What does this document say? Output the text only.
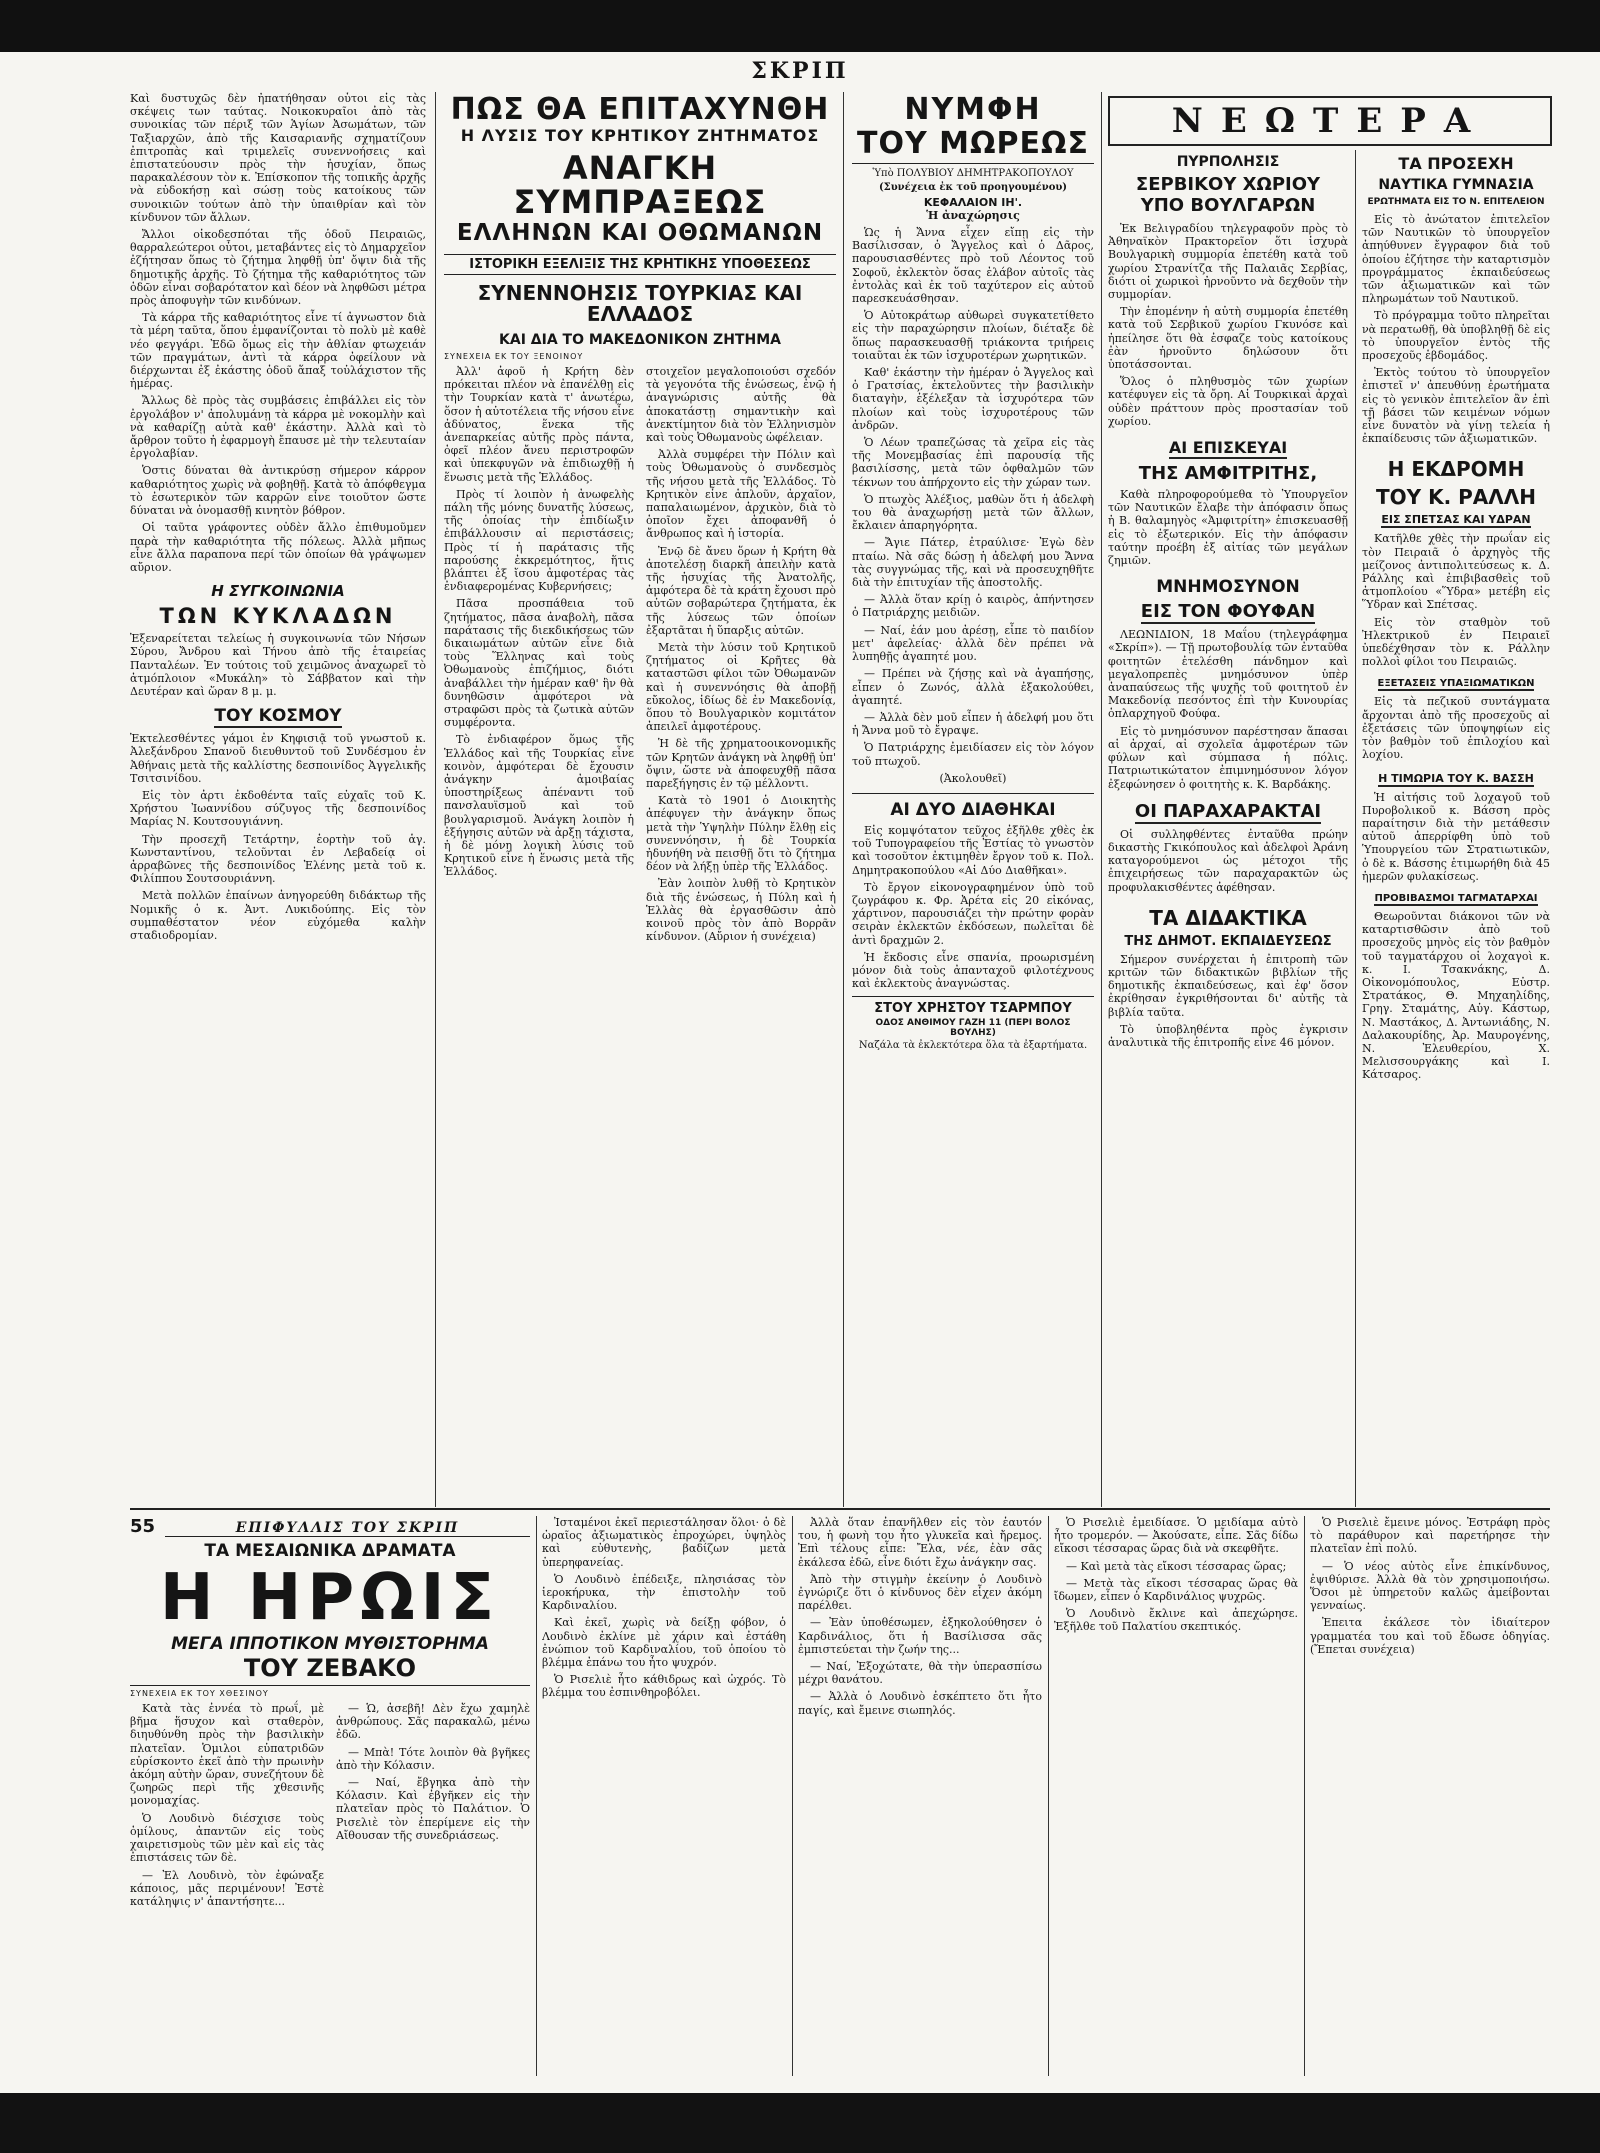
ΣΚΡΙΠ

Καὶ δυστυχῶς δὲν ἠπατήθησαν οὗτοι εἰς τὰς σκέψεις των ταύτας. Νοικοκυραῖοι ἀπὸ τὰς συνοικίας τῶν πέριξ τῶν Ἁγίων Ἀσωμάτων, τῶν Ταξιαρχῶν, ἀπὸ τῆς Καισαριανῆς σχηματίζουν ἐπιτροπὰς καὶ τριμελεῖς συνεννοήσεις καὶ ἐπιστατεύουσιν πρὸς τὴν ἡσυχίαν, ὅπως παρακαλέσουν τὸν κ. Ἐπίσκοπον τῆς τοπικῆς ἀρχῆς νὰ εὐδοκήσῃ καὶ σώσῃ τοὺς κατοίκους τῶν συνοικιῶν τούτων ἀπὸ τὴν ὑπαιθρίαν καὶ τὸν κίνδυνον τῶν ἄλλων.

Ἄλλοι οἰκοδεσπόται τῆς ὁδοῦ Πειραιῶς, θαρραλεώτεροι οὗτοι, μεταβάντες εἰς τὸ Δημαρχεῖον ἐζήτησαν ὅπως τὸ ζήτημα ληφθῇ ὑπ' ὄψιν διὰ τῆς δημοτικῆς ἀρχῆς. Τὸ ζήτημα τῆς καθαριότητος τῶν ὁδῶν εἶναι σοβαρότατον καὶ δέον νὰ ληφθῶσι μέτρα πρὸς ἀποφυγὴν τῶν κινδύνων.

Τὰ κάρρα τῆς καθαριότητος εἶνε τί ἀγνωστον διὰ τὰ μέρη ταῦτα, ὅπου ἐμφανίζονται τὸ πολὺ μὲ καθὲ νέο φεγγάρι. Ἐδῶ ὅμως εἰς τὴν ἀθλίαν φτωχειάν τῶν πραγμάτων, ἀντὶ τὰ κάρρα ὀφείλουν νὰ διέρχωνται ἐξ ἐκάστης ὁδοῦ ἅπαξ τοὐλάχιστον τῆς ἡμέρας.

Ἄλλως δὲ πρὸς τὰς συμβάσεις ἐπιβάλλει εἰς τὸν ἐργολάβον ν' ἀπολυμάνῃ τὰ κάρρα μὲ νοκομλὴν καὶ νὰ καθαρίζῃ αὐτὰ καθ' ἑκάστην. Ἀλλὰ καὶ τὸ ἄρθρον τοῦτο ἡ ἐφαρμογὴ ἔπαυσε μὲ τὴν τελευταίαν ἐργολαβίαν.

Ὁστις δύναται θὰ ἀντικρύσῃ σήμερον κάρρον καθαριότητος χωρὶς νὰ φοβηθῇ. Κατὰ τὸ ἀπόφθεγμα τὸ ἐσωτερικὸν τῶν καρρῶν εἶνε τοιοῦτον ὥστε δύναται νὰ ὀνομασθῇ κινητὸν βόθρον.

Οἱ ταῦτα γράφοντες οὐδὲν ἄλλο ἐπιθυμοῦμεν παρὰ τὴν καθαριότητα τῆς πόλεως. Ἀλλὰ μῆπως εἶνε ἄλλα παραπονα περί τῶν ὁποίων θὰ γράψωμεν αὔριον.

Η ΣΥΓΚΟΙΝΩΝΙΑ
ΤΩΝ ΚΥΚΛΑΔΩΝ

Ἐξεναρείτεται τελείως ἡ συγκοινωνία τῶν Νήσων Σύρου, Ἄνδρου καὶ Τήνου ἀπὸ τῆς ἑταιρείας Πανταλέων. Ἐν τούτοις τοῦ χειμῶνος ἀναχωρεῖ τὸ ἀτμόπλοιον «Μυκάλη» τὸ Σάββατον καὶ τὴν Δευτέραν καὶ ὥραν 8 μ. μ.

ΤΟΥ ΚΟΣΜΟΥ

Ἐκτελεσθέντες γάμοι ἐν Κηφισιᾷ τοῦ γνωστοῦ κ. Ἀλεξάνδρου Σπανοῦ διευθυντοῦ τοῦ Συνδέσμου ἐν Ἀθήναις μετὰ τῆς καλλίστης δεσποινίδος Ἀγγελικῆς Τσιτσινίδου.

Εἰς τὸν ἀρτι ἐκδοθέντα ταῖς εὐχαῖς τοῦ Κ. Χρήστου Ἰωαννίδου σύζυγος τῆς δεσποινίδος Μαρίας Ν. Κουτσουγιάννη.

Τὴν προσεχῆ Τετάρτην, ἑορτὴν τοῦ ἁγ. Κωνσταντίνου, τελοῦνται ἐν Λεβαδείᾳ οἱ ἀρραβῶνες τῆς δεσποινίδος Ἑλένης μετὰ τοῦ κ. Φιλίππου Σουτσουριάννη.

Μετὰ πολλῶν ἐπαίνων ἀνηγορεύθη διδάκτωρ τῆς Νομικῆς ὁ κ. Ἀντ. Λυκιδούπης. Εἰς τὸν συμπαθέστατον νέον εὐχόμεθα καλὴν σταδιοδρομίαν.

ΠΩΣ ΘΑ ΕΠΙΤΑΧΥΝΘΗ
Η ΛΥΣΙΣ ΤΟΥ ΚΡΗΤΙΚΟΥ ΖΗΤΗΜΑΤΟΣ
ΑΝΑΓΚΗ ΣΥΜΠΡΑΞΕΩΣ
ΕΛΛΗΝΩΝ ΚΑΙ ΟΘΩΜΑΝΩΝ
ΙΣΤΟΡΙΚΗ ΕΞΕΛΙΞΙΣ ΤΗΣ ΚΡΗΤΙΚΗΣ ΥΠΟΘΕΣΕΩΣ
ΣΥΝΕΝΝΟΗΣΙΣ ΤΟΥΡΚΙΑΣ ΚΑΙ ΕΛΛΑΔΟΣ
ΚΑΙ ΔΙΑ ΤΟ ΜΑΚΕΔΟΝΙΚΟΝ ΖΗΤΗΜΑ
ΣΥΝΕΧΕΙΑ ΕΚ ΤΟΥ ΞΕΝΟΙΝΟΥ

Ἀλλ' ἀφοῦ ἡ Κρήτη δὲν πρόκειται πλέον νὰ ἐπανέλθῃ εἰς τὴν Τουρκίαν κατὰ τ' ἀνωτέρω, ὅσον ἡ αὐτοτέλεια τῆς νήσου εἶνε ἀδύνατος, ἕνεκα τῆς ἀνεπαρκείας αὐτῆς πρὸς πάντα, ὁφεῖ πλέον ἄνευ περιστροφῶν καὶ ὑπεκφυγῶν νὰ ἐπιδιωχθῇ ἡ ἕνωσις μετὰ τῆς Ἑλλάδος.

Πρὸς τί λοιπὸν ἡ ἀνωφελὴς πάλη τῆς μόνης δυνατῆς λύσεως, τῆς ὁποίας τὴν ἐπιδίωξιν ἐπιβάλλουσιν αἱ περιστάσεις; Πρὸς τί ἡ παράτασις τῆς παρούσης ἐκκρεμότητος, ἥτις βλάπτει ἐξ ἴσου ἀμφοτέρας τὰς ἐνδιαφερομένας Κυβερνήσεις;

Πᾶσα προσπάθεια τοῦ ζητήματος, πᾶσα ἀναβολὴ, πᾶσα παράτασις τῆς διεκδικήσεως τῶν δικαιωμάτων αὐτῶν εἶνε διὰ τοὺς Ἕλληνας καὶ τοὺς Ὀθωμανοὺς ἐπιζήμιος, διότι ἀναβάλλει τὴν ἡμέραν καθ' ἣν θὰ δυνηθῶσιν ἀμφότεροι νὰ στραφῶσι πρὸς τὰ ζωτικὰ αὐτῶν συμφέροντα.

Τὸ ἐνδιαφέρον ὅμως τῆς Ἑλλάδος καὶ τῆς Τουρκίας εἶνε κοινὸν, ἀμφότεραι δὲ ἔχουσιν ἀνάγκην ἀμοιβαίας ὑποστηρίξεως ἀπέναντι τοῦ πανσλαυϊσμοῦ καὶ τοῦ βουλγαρισμοῦ. Ἀνάγκη λοιπὸν ἡ ἐξήγησις αὐτῶν νὰ ἀρξῃ τάχιστα, ἡ δὲ μόνη λογικὴ λύσις τοῦ Κρητικοῦ εἶνε ἡ ἕνωσις μετὰ τῆς Ἑλλάδος.

στοιχεῖον μεγαλοποιούσι σχεδόν τὰ γεγονότα τῆς ἑνώσεως, ἐνῷ ἡ ἀναγνώρισις αὐτῆς θὰ ἀποκατάστῃ σημαντικὴν καὶ ἀνεκτίμητον διὰ τὸν Ἑλληνισμὸν καὶ τοὺς Ὀθωμανοὺς ὠφέλειαν.

Ἀλλὰ συμφέρει τὴν Πόλιν καὶ τοὺς Ὀθωμανοὺς ὁ συνδεσμὸς τῆς νήσου μετὰ τῆς Ἑλλάδος. Τὸ Κρητικὸν εἶνε ἁπλοῦν, ἀρχαῖον, παπαλαιωμένον, ἀρχικὸν, διὰ τὸ ὁποῖον ἔχει ἀποφανθῆ ὁ ἄνθρωπος καὶ ἡ ἱστορία.

Ἐνῷ δὲ ἄνευ ὅρων ἡ Κρήτη θὰ ἀποτελέσῃ διαρκῆ ἀπειλὴν κατὰ τῆς ἡσυχίας τῆς Ἀνατολῆς, ἀμφότερα δὲ τὰ κράτη ἔχουσι πρὸ αὐτῶν σοβαρώτερα ζητήματα, ἐκ τῆς λύσεως τῶν ὁποίων ἐξαρτᾶται ἡ ὕπαρξις αὐτῶν.

Μετὰ τὴν λύσιν τοῦ Κρητικοῦ ζητήματος οἱ Κρῆτες θὰ καταστῶσι φίλοι τῶν Ὀθωμανῶν καὶ ἡ συνεννόησις θὰ ἀποβῇ εὔκολος, ἰδίως δὲ ἐν Μακεδονίᾳ, ὅπου τὸ Βουλγαρικὸν κομιτάτον ἀπειλεῖ ἀμφοτέρους.

Ἡ δὲ τῆς χρηματοοικονομικῆς τῶν Κρητῶν ἀνάγκη νὰ ληφθῇ ὑπ' ὄψιν, ὥστε νὰ ἀποφευχθῇ πᾶσα παρεξήγησις ἐν τῷ μέλλοντι.

Κατὰ τὸ 1901 ὁ Διοικητὴς ἀπέφυγεν τὴν ἀνάγκην ὅπως μετὰ τὴν Ὑψηλὴν Πύλην ἔλθῃ εἰς συνεννόησιν, ἡ δὲ Τουρκία ἠδυνήθη νὰ πεισθῇ ὅτι τὸ ζήτημα δέον νὰ λήξῃ ὑπὲρ τῆς Ἑλλάδος.

Ἐὰν λοιπὸν λυθῇ τὸ Κρητικὸν διὰ τῆς ἑνώσεως, ἡ Πύλη καὶ ἡ Ἑλλὰς θὰ ἐργασθῶσιν ἀπὸ κοινοῦ πρὸς τὸν ἀπὸ Βορρᾶν κίνδυνον. (Αὔριον ἡ συνέχεια)

ΝΥΜΦΗ
ΤΟΥ ΜΩΡΕΩΣ
Ὑπὸ ΠΟΛΥΒΙΟΥ ΔΗΜΗΤΡΑΚΟΠΟΥΛΟΥ
(Συνέχεια ἐκ τοῦ προηγουμένου)
ΚΕΦΑΛΑΙΟΝ ΙΗ'.
Ἡ ἀναχώρησις

Ὡς ἡ Ἄννα εἶχεν εἴπῃ εἰς τὴν Βασίλισσαν, ὁ Ἄγγελος καὶ ὁ Δᾶρος, παρουσιασθέντες πρὸ τοῦ Λέοντος τοῦ Σοφοῦ, ἐκλεκτὸν ὅσας ἐλάβον αὐτοῖς τὰς ἐντολὰς καὶ ἐκ τοῦ ταχύτερον εἰς αὐτοῦ παρεσκευάσθησαν.

Ὁ Αὐτοκράτωρ αὐθωρεὶ συγκατετίθετο εἰς τὴν παραχώρησιν πλοίων, διέταξε δὲ ὅπως παρασκευασθῇ τριάκοντα τριήρεις τοιαῦται ἐκ τῶν ἰσχυροτέρων χωρητικῶν.

Καθ' ἑκάστην τὴν ἡμέραν ὁ Ἄγγελος καὶ ὁ Γρατσίας, ἐκτελοῦντες τὴν βασιλικὴν διαταγὴν, ἐξέλεξαν τὰ ἰσχυρότερα τῶν πλοίων καὶ τοὺς ἰσχυροτέρους τῶν ἀνδρῶν.

Ὁ Λέων τραπεζώσας τὰ χεῖρα εἰς τὰς τῆς Μονεμβασίας ἐπὶ παρουσίᾳ τῆς βασιλίσσης, μετὰ τῶν ὀφθαλμῶν τῶν τέκνων του ἀπήρχοντο εἰς τὴν χώραν των.

Ὁ πτωχὸς Ἀλέξιος, μαθὼν ὅτι ἡ ἀδελφὴ του θὰ ἀναχωρήσῃ μετὰ τῶν ἄλλων, ἔκλαιεν ἀπαρηγόρητα.

— Ἄγιε Πάτερ, ἐτραύλισε· Ἐγὼ δὲν πταίω. Νὰ σᾶς δώσῃ ἡ ἀδελφή μου Ἄννα τὰς συγγνώμας τῆς, καὶ νὰ προσευχηθῆτε διὰ τὴν ἐπιτυχίαν τῆς ἀποστολῆς.

— Ἀλλὰ ὅταν κρίῃ ὁ καιρὸς, ἀπήντησεν ὁ Πατριάρχης μειδιῶν.

— Ναί, ἐάν μου ἀρέσῃ, εἶπε τὸ παιδίον μετ' ἀφελείας· ἀλλὰ δὲν πρέπει νὰ λυπηθῇς ἀγαπητέ μου.

— Πρέπει νὰ ζήσῃς καὶ νὰ ἀγαπήσῃς, εἶπεν ὁ Ζωνός, ἀλλὰ ἐξακολούθει, ἀγαπητέ.

— Ἀλλὰ δὲν μοῦ εἶπεν ἡ ἀδελφή μου ὅτι ἡ Ἄννα μοῦ τὸ ἔγραψε.

Ὁ Πατριάρχης ἐμειδίασεν εἰς τὸν λόγον τοῦ πτωχοῦ.

(Ἀκολουθεῖ)

ΑΙ ΔΥΟ ΔΙΑΘΗΚΑΙ

Εἰς κομψότατον τεῦχος ἐξῆλθε χθὲς ἐκ τοῦ Τυπογραφείου τῆς Ἑστίας τὸ γνωστὸν καὶ τοσοῦτον ἐκτιμηθὲν ἔργον τοῦ κ. Πολ. Δημητρακοπούλου «Αἱ Δύο Διαθῆκαι».

Τὸ ἔργον εἰκονογραφημένον ὑπὸ τοῦ ζωγράφου κ. Φρ. Ἀρέτα εἰς 20 εἰκόνας, χάρτινον, παρουσιάζει τὴν πρώτην φορὰν σειρὰν ἐκλεκτῶν ἐκδόσεων, πωλεῖται δὲ ἀντὶ δραχμῶν 2.

Ἡ ἔκδοσις εἶνε σπανία, προωρισμένη μόνον διὰ τοὺς ἀπανταχοῦ φιλοτέχνους καὶ ἐκλεκτοὺς ἀναγνώστας.

ΣΤΟΥ ΧΡΗΣΤΟΥ ΤΣΑΡΜΠΟΥ
ΟΔΟΣ ΑΝΘΙΜΟΥ ΓΑΖΗ 11 (ΠΕΡΙ ΒΟΛΟΣ ΒΟΥΛΗΣ)
Ναζάλα τὰ ἐκλεκτότερα ὅλα τὰ ἐξαρτήματα.
ΝΕΩΤΕΡΑ
ΠΥΡΠΟΛΗΣΙΣ
ΣΕΡΒΙΚΟΥ ΧΩΡΙΟΥ
ΥΠΟ ΒΟΥΛΓΑΡΩΝ

Ἐκ Βελιγραδίου τηλεγραφοῦν πρὸς τὸ Ἀθηναϊκὸν Πρακτορεῖον ὅτι ἰσχυρὰ Βουλγαρικὴ συμμορία ἐπετέθη κατὰ τοῦ χωρίου Στρανίτζα τῆς Παλαιᾶς Σερβίας, διότι οἱ χωρικοὶ ἠρνοῦντο νὰ δεχθοῦν τὴν συμμορίαν.

Τὴν ἑπομένην ἡ αὐτὴ συμμορία ἐπετέθη κατὰ τοῦ Σερβικοῦ χωρίου Γκυνόσε καὶ ἠπείλησε ὅτι θὰ ἐσφαζε τοὺς κατοίκους ἐὰν ἠρνοῦντο δηλώσουν ὅτι ὑποτάσσονται.

Ὅλος ὁ πληθυσμὸς τῶν χωρίων κατέφυγεν εἰς τὰ ὄρη. Αἱ Τουρκικαὶ ἀρχαὶ οὐδὲν πράττουν πρὸς προστασίαν τοῦ χωρίου.

ΑΙ ΕΠΙΣΚΕΥΑΙ
ΤΗΣ ΑΜΦΙΤΡΙΤΗΣ,

Καθὰ πληροφορούμεθα τὸ Ὑπουργεῖον τῶν Ναυτικῶν ἔλαβε τὴν ἀπόφασιν ὅπως ἡ Β. θαλαμηγὸς «Ἀμφιτρίτη» ἐπισκευασθῇ εἰς τὸ ἐξωτερικόν. Εἰς τὴν ἀπόφασιν ταύτην προέβη ἐξ αἰτίας τῶν μεγάλων ζημιῶν.

ΜΝΗΜΟΣΥΝΟΝ
ΕΙΣ ΤΟΝ ΦΟΥΦΑΝ

ΛΕΩΝΙΔΙΟΝ, 18 Μαΐου (τηλεγράφημα «Σκρίπ»). — Τῇ πρωτοβουλίᾳ τῶν ἐνταῦθα φοιτητῶν ἐτελέσθη πάνδημον καὶ μεγαλοπρεπὲς μνημόσυνον ὑπὲρ ἀναπαύσεως τῆς ψυχῆς τοῦ φοιτητοῦ ἐν Μακεδονίᾳ πεσόντος ἐπὶ τὴν Κυνουρίας ὁπλαρχηγοῦ Φούφα.

Εἰς τὸ μνημόσυνον παρέστησαν ἅπασαι αἱ ἀρχαί, αἱ σχολεῖα ἀμφοτέρων τῶν φύλων καὶ σύμπασα ἡ πόλις. Πατριωτικώτατον ἐπιμνημόσυνον λόγον ἐξεφώνησεν ὁ φοιτητὴς κ. Κ. Βαρδάκης.

ΟΙ ΠΑΡΑΧΑΡΑΚΤΑΙ

Οἱ συλληφθέντες ἐνταῦθα πρώην δικαστὴς Γκικόπουλος καὶ ἀδελφοὶ Ἀράνη καταγορούμενοι ὡς μέτοχοι τῆς ἐπιχειρήσεως τῶν παραχαρακτῶν ὡς προφυλακισθέντες ἀφέθησαν.

ΤΑ ΔΙΔΑΚΤΙΚΑ
ΤΗΣ ΔΗΜΟΤ. ΕΚΠΑΙΔΕΥΣΕΩΣ

Σήμερον συνέρχεται ἡ ἐπιτροπὴ τῶν κριτῶν τῶν διδακτικῶν βιβλίων τῆς δημοτικῆς ἐκπαιδεύσεως, καὶ ἐφ' ὅσον ἐκρίθησαν ἐγκριθήσονται δι' αὐτῆς τὰ βιβλία ταῦτα.

Τὸ ὑποβληθέντα πρὸς ἐγκρισιν ἀναλυτικὰ τῆς ἐπιτροπῆς εἶνε 46 μόνον.

ΤΑ ΠΡΟΣΕΧΗ
ΝΑΥΤΙΚΑ ΓΥΜΝΑΣΙΑ
ΕΡΩΤΗΜΑΤΑ ΕΙΣ ΤΟ Ν. ΕΠΙΤΕΛΕΙΟΝ

Εἰς τὸ ἀνώτατον ἐπιτελεῖον τῶν Ναυτικῶν τὸ ὑπουργεῖον ἀπηύθυνεν ἔγγραφον διὰ τοῦ ὁποίου ἐζήτησε τὴν καταρτισμὸν προγράμματος ἐκπαιδεύσεως τῶν ἀξιωματικῶν καὶ τῶν πληρωμάτων τοῦ Ναυτικοῦ.

Τὸ πρόγραμμα τοῦτο πληρεῖται νὰ περατωθῇ, θὰ ὑποβληθῇ δὲ εἰς τὸ ὑπουργεῖον ἐντὸς τῆς προσεχοῦς ἑβδομάδος.

Ἐκτὸς τούτου τὸ ὑπουργεῖον ἐπιστεῖ ν' ἀπευθύνῃ ἐρωτήματα εἰς τὸ γενικὸν ἐπιτελεῖον ἂν ἐπὶ τῇ βάσει τῶν κειμένων νόμων εἶνε δυνατὸν νὰ γίνῃ τελεία ἡ ἐκπαίδευσις τῶν ἀξιωματικῶν.

Η ΕΚΔΡΟΜΗ
ΤΟΥ Κ. ΡΑΛΛΗ
ΕΙΣ ΣΠΕΤΣΑΣ ΚΑΙ ΥΔΡΑΝ

Κατῆλθε χθὲς τὴν πρωΐαν εἰς τὸν Πειραιᾶ ὁ ἀρχηγὸς τῆς μείζονος ἀντιπολιτεύσεως κ. Δ. Ράλλης καὶ ἐπιβιβασθεὶς τοῦ ἀτμοπλοίου «Ὕδρα» μετέβη εἰς Ὕδραν καὶ Σπέτσας.

Εἰς τὸν σταθμὸν τοῦ Ἠλεκτρικοῦ ἐν Πειραιεῖ ὑπεδέχθησαν τὸν κ. Ράλλην πολλοὶ φίλοι του Πειραιῶς.

ΕΞΕΤΑΣΕΙΣ ΥΠΑΞΙΩΜΑΤΙΚΩΝ

Εἰς τὰ πεζικοῦ συντάγματα ἄρχονται ἀπὸ τῆς προσεχοῦς αἱ ἐξετάσεις τῶν ὑποψηφίων εἰς τὸν βαθμὸν τοῦ ἐπιλοχίου καὶ λοχίου.

Η ΤΙΜΩΡΙΑ ΤΟΥ Κ. ΒΑΣΣΗ

Ἡ αἰτήσις τοῦ λοχαγοῦ τοῦ Πυροβολικοῦ κ. Βάσση πρὸς παραίτησιν διὰ τὴν μετάθεσιν αὐτοῦ ἀπερρίφθη ὑπὸ τοῦ Ὑπουργείου τῶν Στρατιωτικῶν, ὁ δὲ κ. Βάσσης ἐτιμωρήθη διὰ 45 ἡμερῶν φυλακίσεως.

ΠΡΟΒΙΒΑΣΜΟΙ ΤΑΓΜΑΤΑΡΧΑΙ

Θεωροῦνται διάκονοι τῶν νὰ καταρτισθῶσιν ἀπὸ τοῦ προσεχοῦς μηνὸς εἰς τὸν βαθμὸν τοῦ ταγματάρχου οἱ λοχαγοὶ κ. κ. Ι. Τσακνάκης, Δ. Οἰκονομόπουλος, Εὐστρ. Στρατάκος, Θ. Μηχαηλίδης, Γρηγ. Σταμάτης, Αὐγ. Κάστωρ, Ν. Μαστάκος, Δ. Ἀντωνιάδης, Ν. Δαλακουρίδης, Ἀρ. Μαυρογένης, Ν. Ἐλευθερίου, Χ. Μελισσουργάκης καὶ Ι. Κάτσαρος.

55	ΕΠΙΦΥΛΛΙΣ ΤΟΥ ΣΚΡΙΠ
ΤΑ ΜΕΣΑΙΩΝΙΚΑ ΔΡΑΜΑΤΑ
Η ΗΡΩΙΣ
ΜΕΓΑ ΙΠΠΟΤΙΚΟΝ ΜΥΘΙΣΤΟΡΗΜΑ
ΤΟΥ ΖΕΒΑΚΟ
ΣΥΝΕΧΕΙΑ ΕΚ ΤΟΥ ΧΘΕΣΙΝΟΥ

Κατὰ τὰς ἐννέα τὸ πρωΐ, μὲ βῆμα ἥσυχον καὶ σταθερὸν, διηυθύνθη πρὸς τὴν βασιλικὴν πλατεῖαν. Ὁμιλοι εὐπατριδῶν εὐρίσκοντο ἐκεῖ ἀπὸ τὴν πρωινὴν ἀκόμη αὐτὴν ὥραν, συνεζήτουν δὲ ζωηρῶς περὶ τῆς χθεσινῆς μονομαχίας.

Ὁ Λουδινὸ διέσχισε τοὺς ὁμίλους, ἀπαντῶν εἰς τοὺς χαιρετισμοὺς τῶν μὲν καὶ εἰς τὰς ἐπιστάσεις τῶν δὲ.

— Ἐλ Λουδινὸ, τὸν ἐφώναξε κάποιος, μᾶς περιμένουν! Ἐστὲ κατάληψις ν' ἀπαντήσητε...

— Ὡ, ἀσεβῆ! Δὲν ἔχω χαμηλὲ ἀνθρώπους. Σᾶς παρακαλῶ, μένω ἐδῶ.

— Μπὰ! Τότε λοιπὸν θὰ βγῆκες ἀπὸ τὴν Κόλασιν.

— Ναί, ἔβγηκα ἀπὸ τὴν Κόλασιν. Καὶ ἐβγῆκεν εἰς τὴν πλατεῖαν πρὸς τὸ Παλάτιον. Ὁ Ρισελιὲ τὸν ἐπερίμενε εἰς τὴν Αἴθουσαν τῆς συνεδριάσεως.

Ἰσταμένοι ἐκεῖ περιεστάλησαν ὅλοι· ὁ δὲ ὡραῖος ἀξιωματικὸς ἐπροχώρει, ὑψηλὸς καὶ εὐθυτενὴς, βαδίζων μετὰ ὑπερηφανείας.

Ὁ Λουδινὸ ἐπέδειξε, πλησιάσας τὸν ἱεροκήρυκα, τὴν ἐπιστολὴν τοῦ Καρδιναλίου.

Καὶ ἐκεῖ, χωρὶς νὰ δείξῃ φόβον, ὁ Λουδινὸ ἐκλίνε μὲ χάριν καὶ ἐστάθη ἐνώπιον τοῦ Καρδιναλίου, τοῦ ὁποίου τὸ βλέμμα ἐπάνω του ἦτο ψυχρόν.

Ὁ Ρισελιὲ ἦτο κάθιδρως καὶ ὠχρός. Τὸ βλέμμα του ἐσπινθηροβόλει.

Ἀλλὰ ὅταν ἐπανῆλθεν εἰς τὸν ἑαυτόν του, ἡ φωνὴ του ἦτο γλυκεῖα καὶ ἤρεμος. Ἐπὶ τέλους εἶπε: Ἔλα, νέε, ἐὰν σᾶς ἐκάλεσα ἐδῶ, εἶνε διότι ἔχω ἀνάγκην σας.

Ἀπὸ τὴν στιγμὴν ἐκείνην ὁ Λουδινὸ ἐγνώριζε ὅτι ὁ κίνδυνος δὲν εἶχεν ἀκόμη παρέλθει.

— Ἐὰν ὑποθέσωμεν, ἐξηκολούθησεν ὁ Καρδινάλιος, ὅτι ἡ Βασίλισσα σᾶς ἐμπιστεύεται τὴν ζωήν της...

— Ναί, Ἐξοχώτατε, θὰ τὴν ὑπερασπίσω μέχρι θανάτου.

— Ἀλλὰ ὁ Λουδινὸ ἐσκέπτετο ὅτι ἦτο παγίς, καὶ ἔμεινε σιωπηλός.

Ὁ Ρισελιὲ ἐμειδίασε. Ὁ μειδίαμα αὐτὸ ἦτο τρομερόν. — Ἀκούσατε, εἶπε. Σᾶς δίδω εἴκοσι τέσσαρας ὥρας διὰ νὰ σκεφθῆτε.

— Καὶ μετὰ τὰς εἴκοσι τέσσαρας ὥρας;

— Μετὰ τὰς εἴκοσι τέσσαρας ὥρας θὰ ἴδωμεν, εἶπεν ὁ Καρδινάλιος ψυχρῶς.

Ὁ Λουδινὸ ἔκλινε καὶ ἀπεχώρησε. Ἐξῆλθε τοῦ Παλατίου σκεπτικός.

Ὁ Ρισελιὲ ἔμεινε μόνος. Ἐστράφη πρὸς τὸ παράθυρον καὶ παρετήρησε τὴν πλατεῖαν ἐπὶ πολύ.

— Ὁ νέος αὐτὸς εἶνε ἐπικίνδυνος, ἐψιθύρισε. Ἀλλὰ θὰ τὸν χρησιμοποιήσω. Ὅσοι μὲ ὑπηρετοῦν καλῶς ἀμείβονται γενναίως.

Ἐπειτα ἐκάλεσε τὸν ἰδιαίτερον γραμματέα του καὶ τοῦ ἔδωσε ὁδηγίας. (Ἔπεται συνέχεια)
